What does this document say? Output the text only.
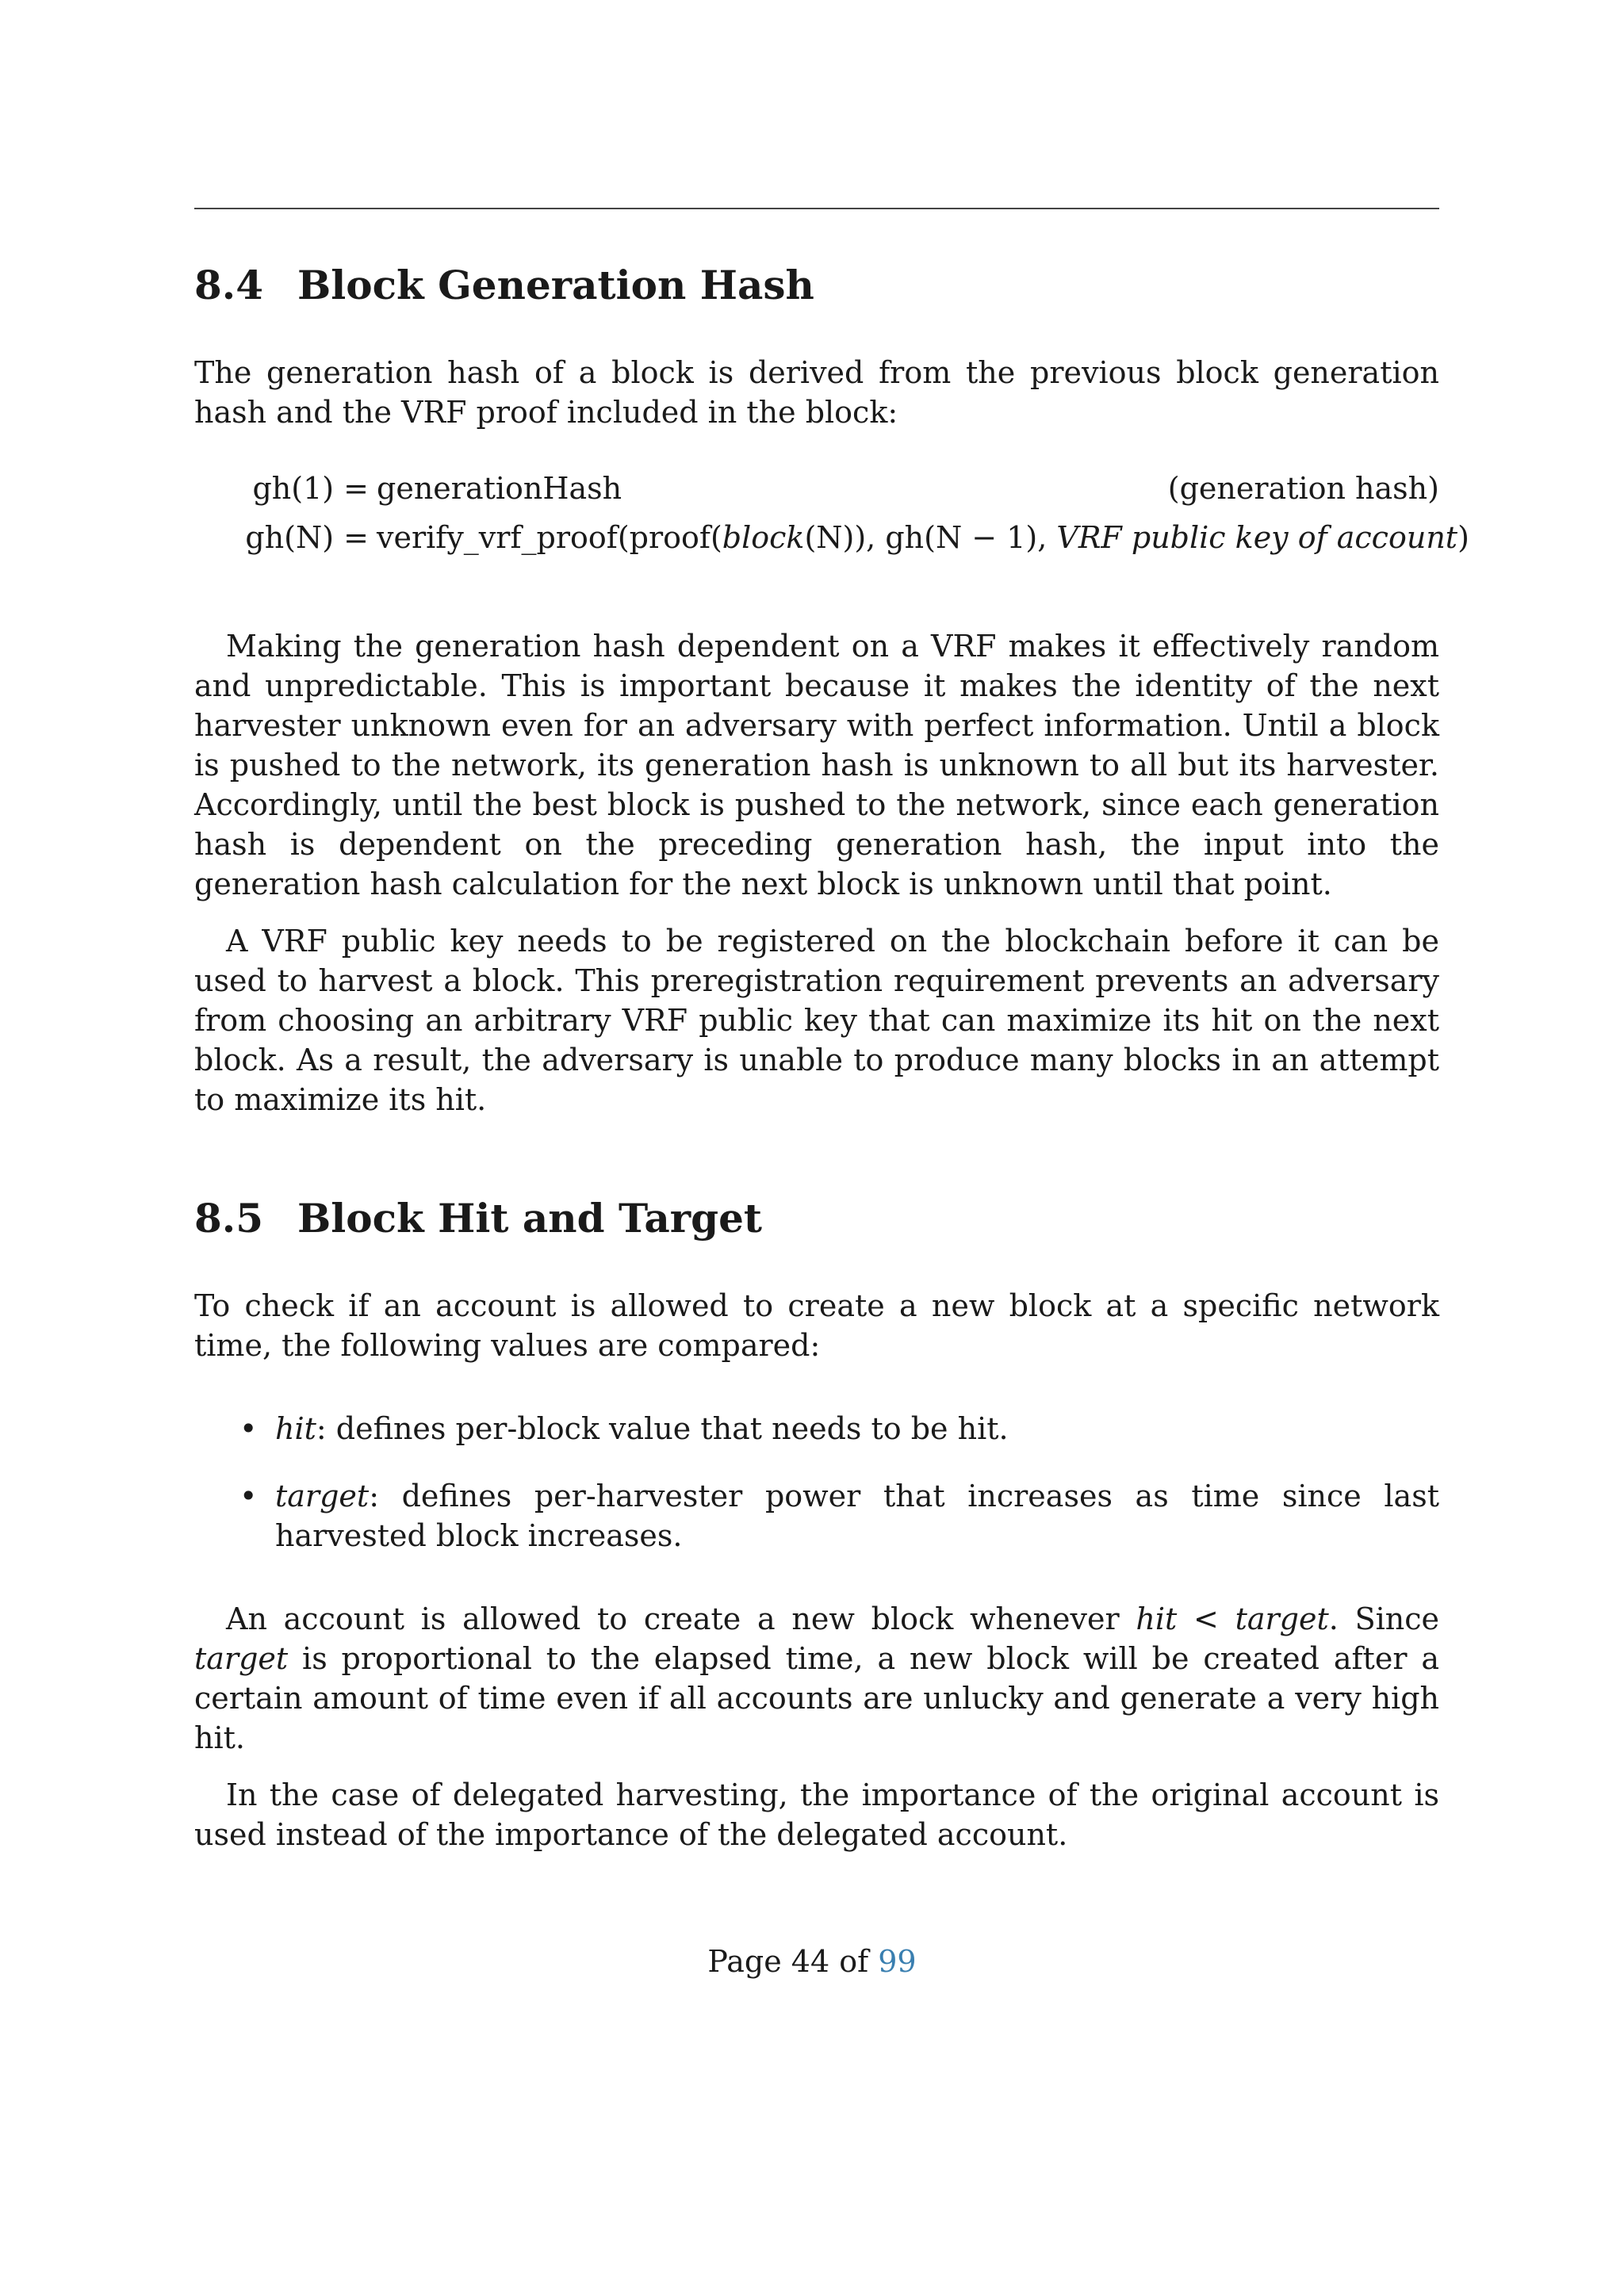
8.4 Block Generation Hash

The generation hash of a block is derived from the previous block generation hash and the VRF proof included in the block:

gh(1) = generationHash	(generation hash)
gh(N) = verify_vrf_proof(proof(block(N)), gh(N − 1), VRF public key of account)

Making the generation hash dependent on a VRF makes it effectively random and unpredictable. This is important because it makes the identity of the next harvester unknown even for an adversary with perfect information. Until a block is pushed to the network, its generation hash is unknown to all but its harvester. Accordingly, until the best block is pushed to the network, since each generation hash is dependent on the preceding generation hash, the input into the generation hash calculation for the next block is unknown until that point.

A VRF public key needs to be registered on the blockchain before it can be used to harvest a block. This preregistration requirement prevents an adversary from choosing an arbitrary VRF public key that can maximize its hit on the next block. As a result, the adversary is unable to produce many blocks in an attempt to maximize its hit.

8.5 Block Hit and Target

To check if an account is allowed to create a new block at a specific network time, the following values are compared:

• hit: defines per-block value that needs to be hit.
• target: defines per-harvester power that increases as time since last harvested block increases.

An account is allowed to create a new block whenever hit < target. Since target is proportional to the elapsed time, a new block will be created after a certain amount of time even if all accounts are unlucky and generate a very high hit.

In the case of delegated harvesting, the importance of the original account is used instead of the importance of the delegated account.

Page 44 of 99
